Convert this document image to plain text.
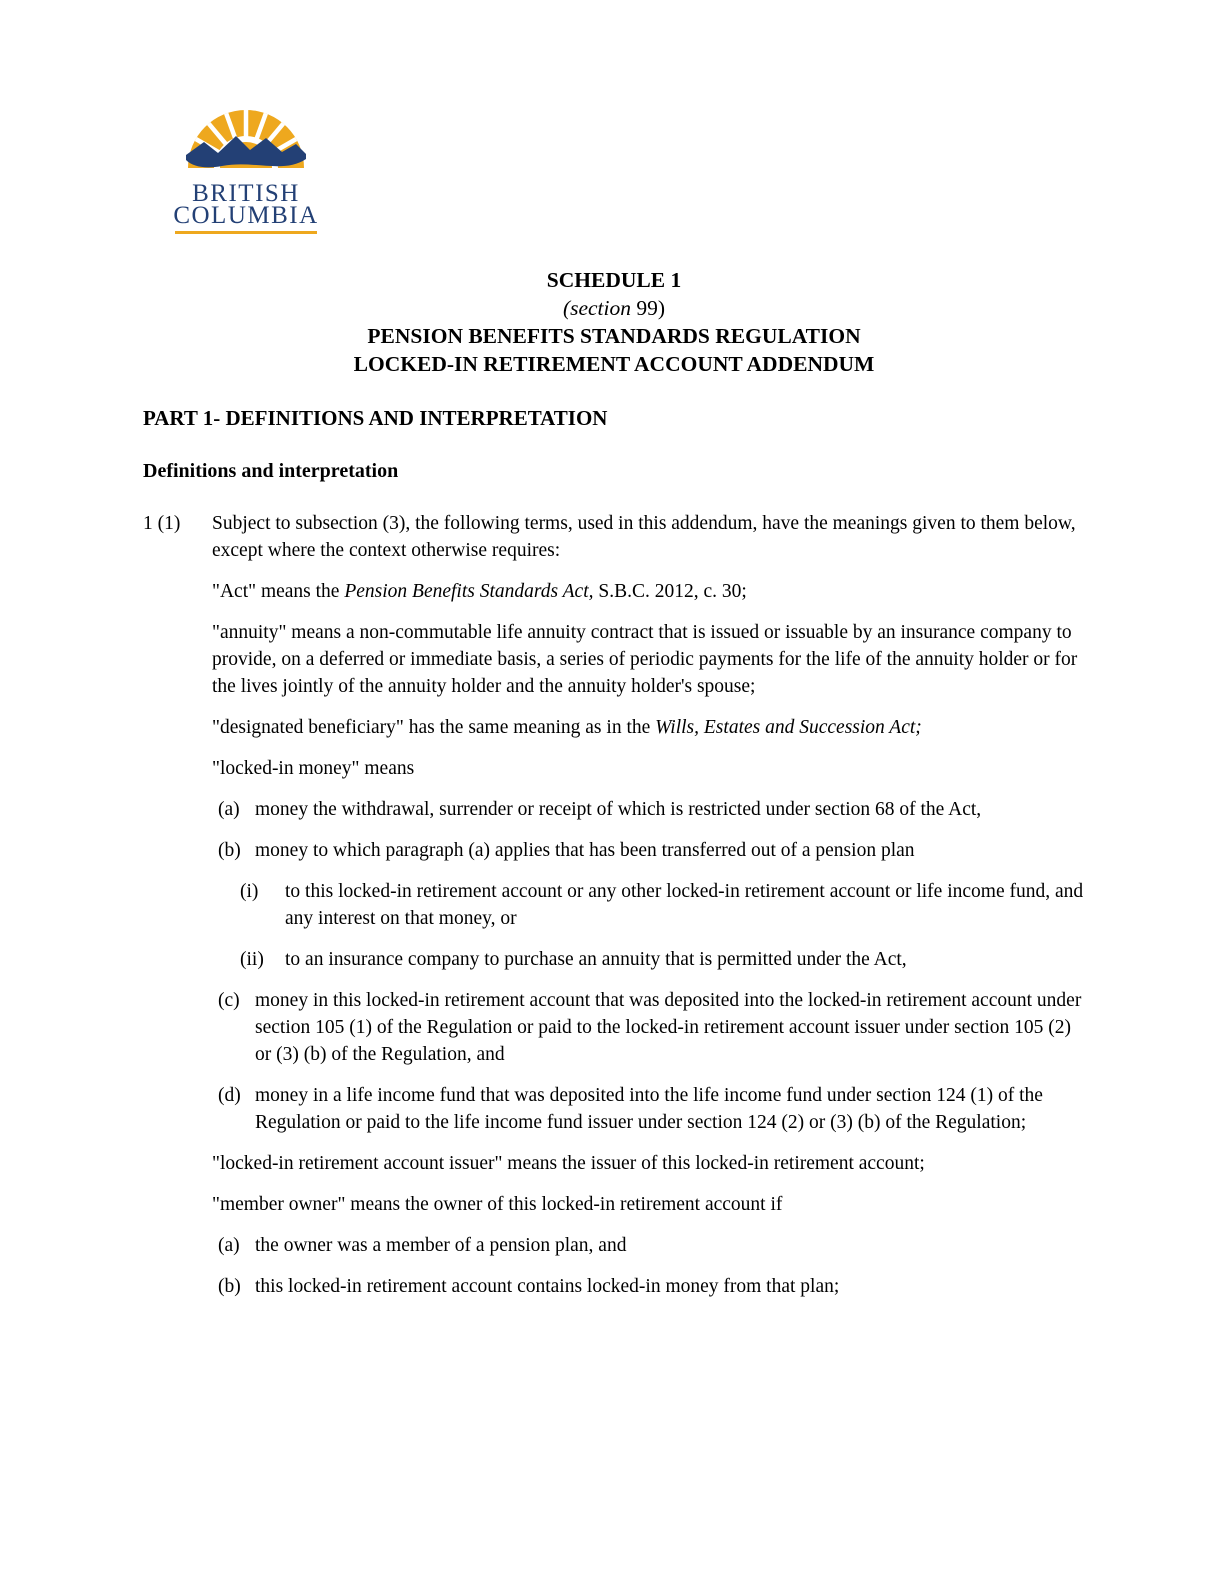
BRITISH
COLUMBIA
SCHEDULE 1
(section 99)
PENSION BENEFITS STANDARDS REGULATION
LOCKED-IN RETIREMENT ACCOUNT ADDENDUM
PART 1- DEFINITIONS AND INTERPRETATION
Definitions and interpretation
1 (1) Subject to subsection (3), the following terms, used in this addendum, have the meanings given to them below, except where the context otherwise requires:
"Act" means the Pension Benefits Standards Act, S.B.C. 2012, c. 30;
"annuity" means a non-commutable life annuity contract that is issued or issuable by an insurance company to provide, on a deferred or immediate basis, a series of periodic payments for the life of the annuity holder or for the lives jointly of the annuity holder and the annuity holder's spouse;
"designated beneficiary" has the same meaning as in the Wills, Estates and Succession Act;
"locked-in money" means
(a) money the withdrawal, surrender or receipt of which is restricted under section 68 of the Act,
(b) money to which paragraph (a) applies that has been transferred out of a pension plan
(i) to this locked-in retirement account or any other locked-in retirement account or life income fund, and any interest on that money, or
(ii) to an insurance company to purchase an annuity that is permitted under the Act,
(c) money in this locked-in retirement account that was deposited into the locked-in retirement account under section 105 (1) of the Regulation or paid to the locked-in retirement account issuer under section 105 (2) or (3) (b) of the Regulation, and
(d) money in a life income fund that was deposited into the life income fund under section 124 (1) of the Regulation or paid to the life income fund issuer under section 124 (2) or (3) (b) of the Regulation;
"locked-in retirement account issuer" means the issuer of this locked-in retirement account;
"member owner" means the owner of this locked-in retirement account if
(a) the owner was a member of a pension plan, and
(b) this locked-in retirement account contains locked-in money from that plan;
